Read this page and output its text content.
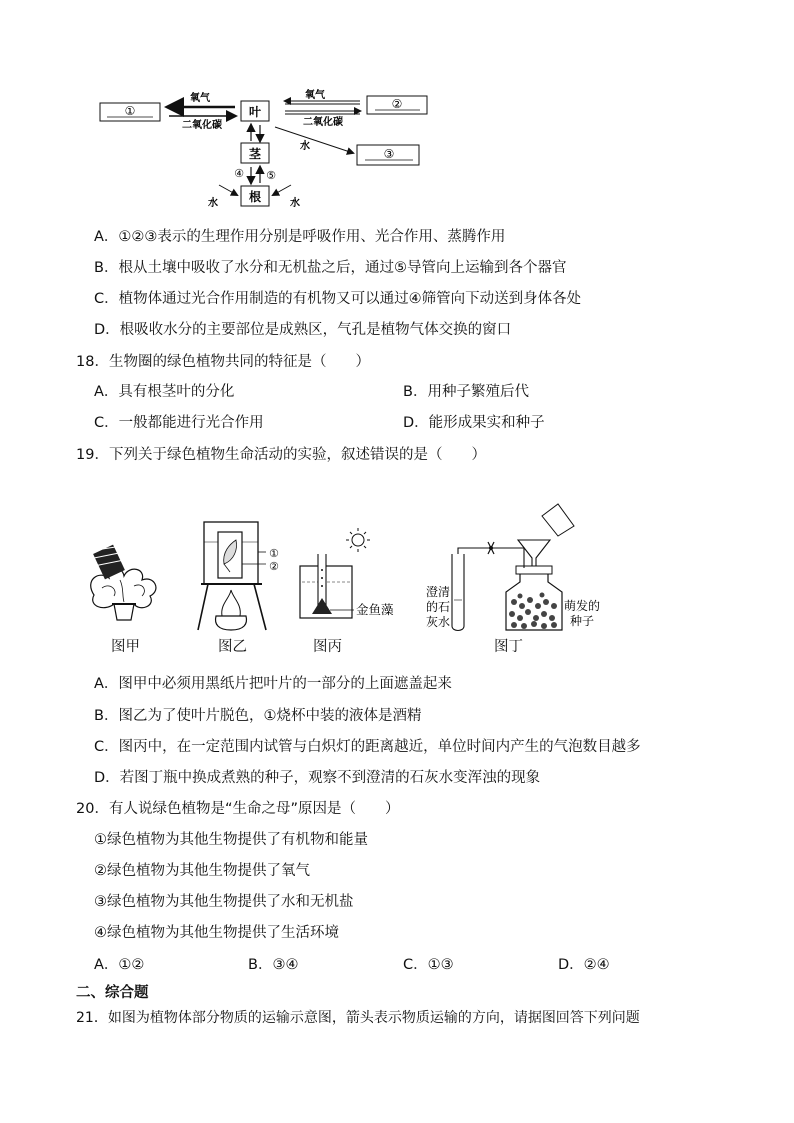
①	叶
氧气
二氧化碳
氧气
二氧化碳
②
水
③
茎
根
④ ⑤
水	水
A．①②③表示的生理作用分别是呼吸作用、光合作用、蒸腾作用
B．根从土壤中吸收了水分和无机盐之后，通过⑤导管向上运输到各个器官
C．植物体通过光合作用制造的有机物又可以通过④筛管向下动送到身体各处
D．根吸收水分的主要部位是成熟区，气孔是植物气体交换的窗口
18．生物圈的绿色植物共同的特征是（　　）
A．具有根茎叶的分化	B．用种子繁殖后代
C．一般都能进行光合作用	D．能形成果实和种子
19．下列关于绿色植物生命活动的实验，叙述错误的是（　　）
图甲
①
②
图乙
金鱼藻
图丙
澄清
的石
灰水
萌发的
种子
图丁
A．图甲中必须用黑纸片把叶片的一部分的上面遮盖起来
B．图乙为了使叶片脱色，①烧杯中装的液体是酒精
C．图丙中，在一定范围内试管与白炽灯的距离越近，单位时间内产生的气泡数目越多
D．若图丁瓶中换成煮熟的种子，观察不到澄清的石灰水变浑浊的现象
20．有人说绿色植物是“生命之母”原因是（　　）
①绿色植物为其他生物提供了有机物和能量
②绿色植物为其他生物提供了氧气
③绿色植物为其他生物提供了水和无机盐
④绿色植物为其他生物提供了生活环境
A．①②	B．③④	C．①③	D．②④
二、综合题
21．如图为植物体部分物质的运输示意图，箭头表示物质运输的方向，请据图回答下列问题
